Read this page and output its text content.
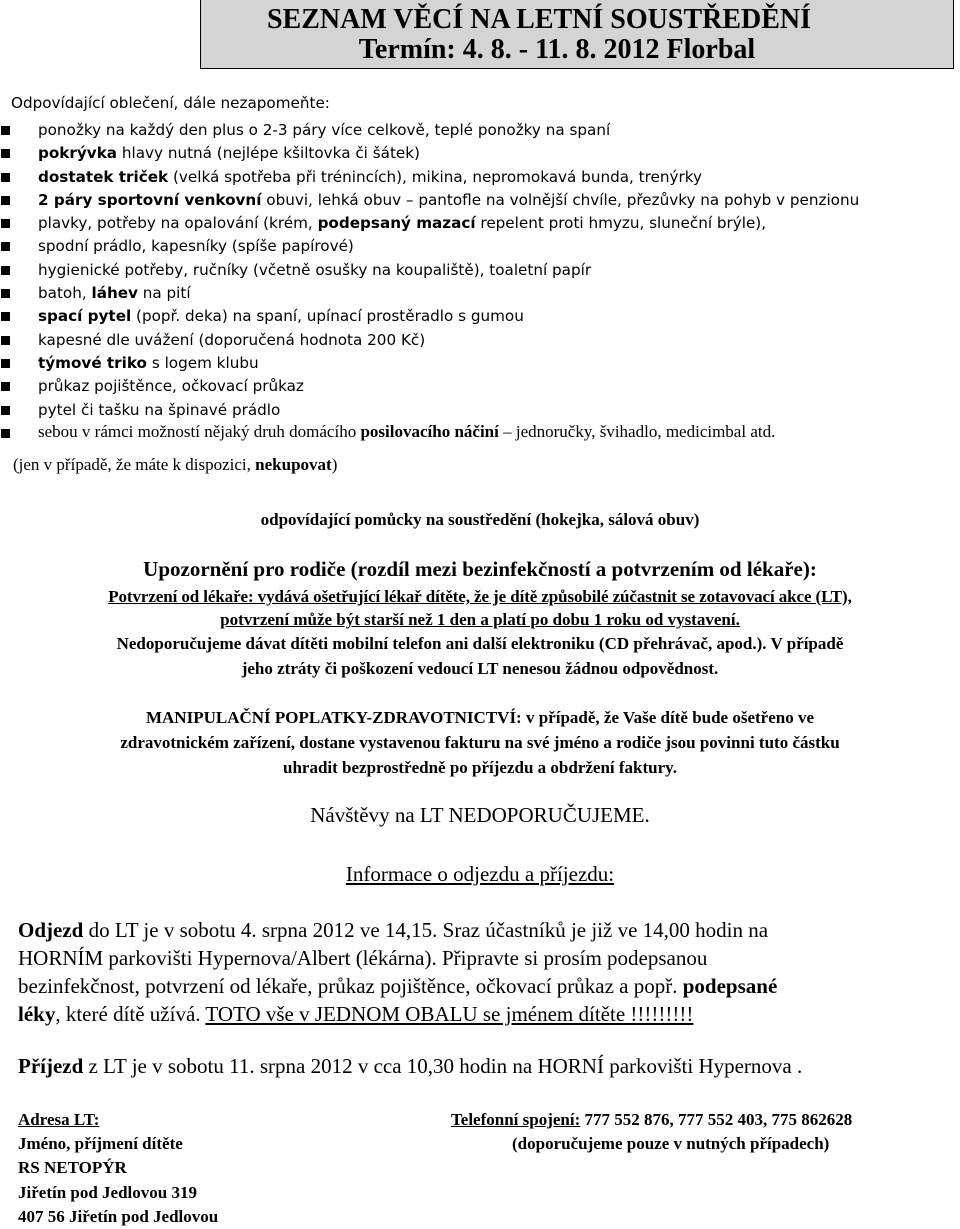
SEZNAM VĚCÍ NA LETNÍ SOUSTŘEDĚNÍ
Termín: 4. 8. - 11. 8. 2012 Florbal
Odpovídající oblečení, dále nezapomeňte:
ponožky na každý den plus o 2-3 páry více celkově, teplé ponožky na spaní
pokrývka hlavy nutná (nejlépe kšiltovka či šátek)
dostatek triček (velká spotřeba při trénincích), mikina, nepromokavá bunda, trenýrky
2 páry sportovní venkovní obuvi, lehká obuv – pantofle na volnější chvíle, přezůvky na pohyb v penzionu
plavky, potřeby na opalování (krém, podepsaný mazací repelent proti hmyzu, sluneční brýle),
spodní prádlo, kapesníky (spíše papírové)
hygienické potřeby, ručníky (včetně osušky na koupaliště), toaletní papír
batoh, láhev na pití
spací pytel (popř. deka) na spaní, upínací prostěradlo s gumou
kapesné dle uvážení (doporučená hodnota 200 Kč)
týmové triko s logem klubu
průkaz pojištěnce, očkovací průkaz
pytel či tašku na špinavé prádlo
sebou v rámci možností nějaký druh domácího posilovacího náčiní – jednoručky, švihadlo, medicimbal atd.
(jen v případě, že máte k dispozici, nekupovat)
odpovídající pomůcky na soustředění (hokejka, sálová obuv)
Upozornění pro rodiče (rozdíl mezi bezinfekčností a potvrzením od lékaře):
Potvrzení od lékaře: vydává ošetřující lékař dítěte, že je dítě způsobilé zúčastnit se zotavovací akce (LT),
potvrzení může být starší než 1 den a platí po dobu 1 roku od vystavení.
Nedoporučujeme dávat dítěti mobilní telefon ani další elektroniku (CD přehrávač, apod.). V případě
jeho ztráty či poškození vedoucí LT nenesou žádnou odpovědnost.
MANIPULAČNÍ POPLATKY-ZDRAVOTNICTVÍ: v případě, že Vaše dítě bude ošetřeno ve
zdravotnickém zařízení, dostane vystavenou fakturu na své jméno a rodiče jsou povinni tuto částku
uhradit bezprostředně po příjezdu a obdržení faktury.
Návštěvy na LT NEDOPORUČUJEME.
Informace o odjezdu a příjezdu:
Odjezd do LT je v sobotu 4. srpna 2012 ve 14,15. Sraz účastníků je již ve 14,00 hodin na
HORNÍM parkovišti Hypernova/Albert (lékárna). Připravte si prosím podepsanou
bezinfekčnost, potvrzení od lékaře, průkaz pojištěnce, očkovací průkaz a popř. podepsané
léky, které dítě užívá. TOTO vše v JEDNOM OBALU se jménem dítěte !!!!!!!!!
Příjezd z LT je v sobotu 11. srpna 2012 v cca 10,30 hodin na HORNÍ parkovišti Hypernova .
Adresa LT:
Jméno, příjmení dítěte
RS NETOPÝR
Jiřetín pod Jedlovou 319
407 56 Jiřetín pod Jedlovou
Telefonní spojení: 777 552 876, 777 552 403, 775 862628
(doporučujeme pouze v nutných případech)
